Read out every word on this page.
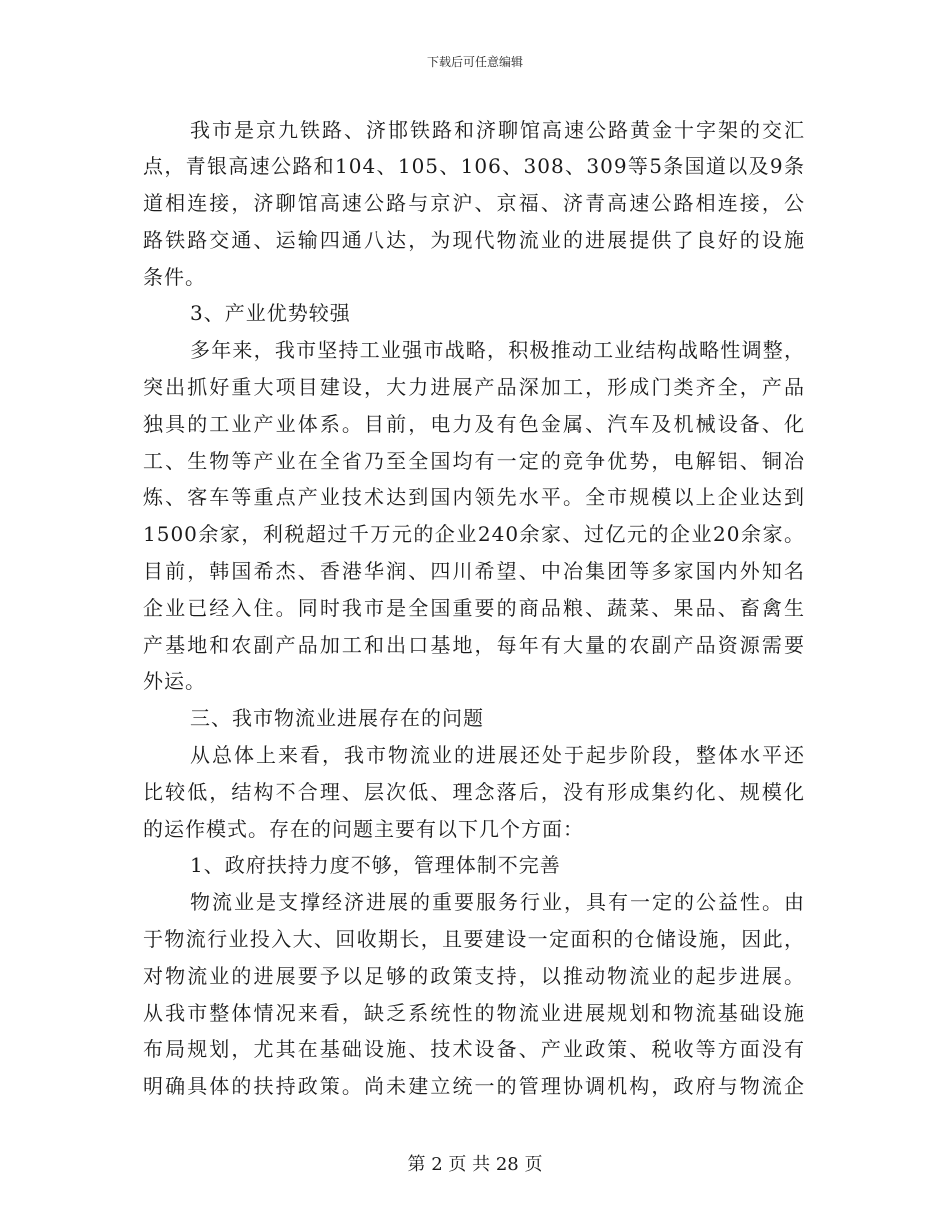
下载后可任意编辑
我市是京九铁路、济邯铁路和济聊馆高速公路黄金十字架的交汇
点，青银高速公路和104、105、106、308、309等5条国道以及9条
道相连接，济聊馆高速公路与京沪、京福、济青高速公路相连接，公
路铁路交通、运输四通八达，为现代物流业的进展提供了良好的设施
条件。
3、产业优势较强
多年来，我市坚持工业强市战略，积极推动工业结构战略性调整，
突出抓好重大项目建设，大力进展产品深加工，形成门类齐全，产品
独具的工业产业体系。目前，电力及有色金属、汽车及机械设备、化
工、生物等产业在全省乃至全国均有一定的竞争优势，电解铝、铜冶
炼、客车等重点产业技术达到国内领先水平。全市规模以上企业达到
1500余家，利税超过千万元的企业240余家、过亿元的企业20余家。
目前，韩国希杰、香港华润、四川希望、中冶集团等多家国内外知名
企业已经入住。同时我市是全国重要的商品粮、蔬菜、果品、畜禽生
产基地和农副产品加工和出口基地，每年有大量的农副产品资源需要
外运。
三、我市物流业进展存在的问题
从总体上来看，我市物流业的进展还处于起步阶段，整体水平还
比较低，结构不合理、层次低、理念落后，没有形成集约化、规模化
的运作模式。存在的问题主要有以下几个方面：
1、政府扶持力度不够，管理体制不完善
物流业是支撑经济进展的重要服务行业，具有一定的公益性。由
于物流行业投入大、回收期长，且要建设一定面积的仓储设施，因此，
对物流业的进展要予以足够的政策支持，以推动物流业的起步进展。
从我市整体情况来看，缺乏系统性的物流业进展规划和物流基础设施
布局规划，尤其在基础设施、技术设备、产业政策、税收等方面没有
明确具体的扶持政策。尚未建立统一的管理协调机构，政府与物流企
第 2 页 共 28 页
